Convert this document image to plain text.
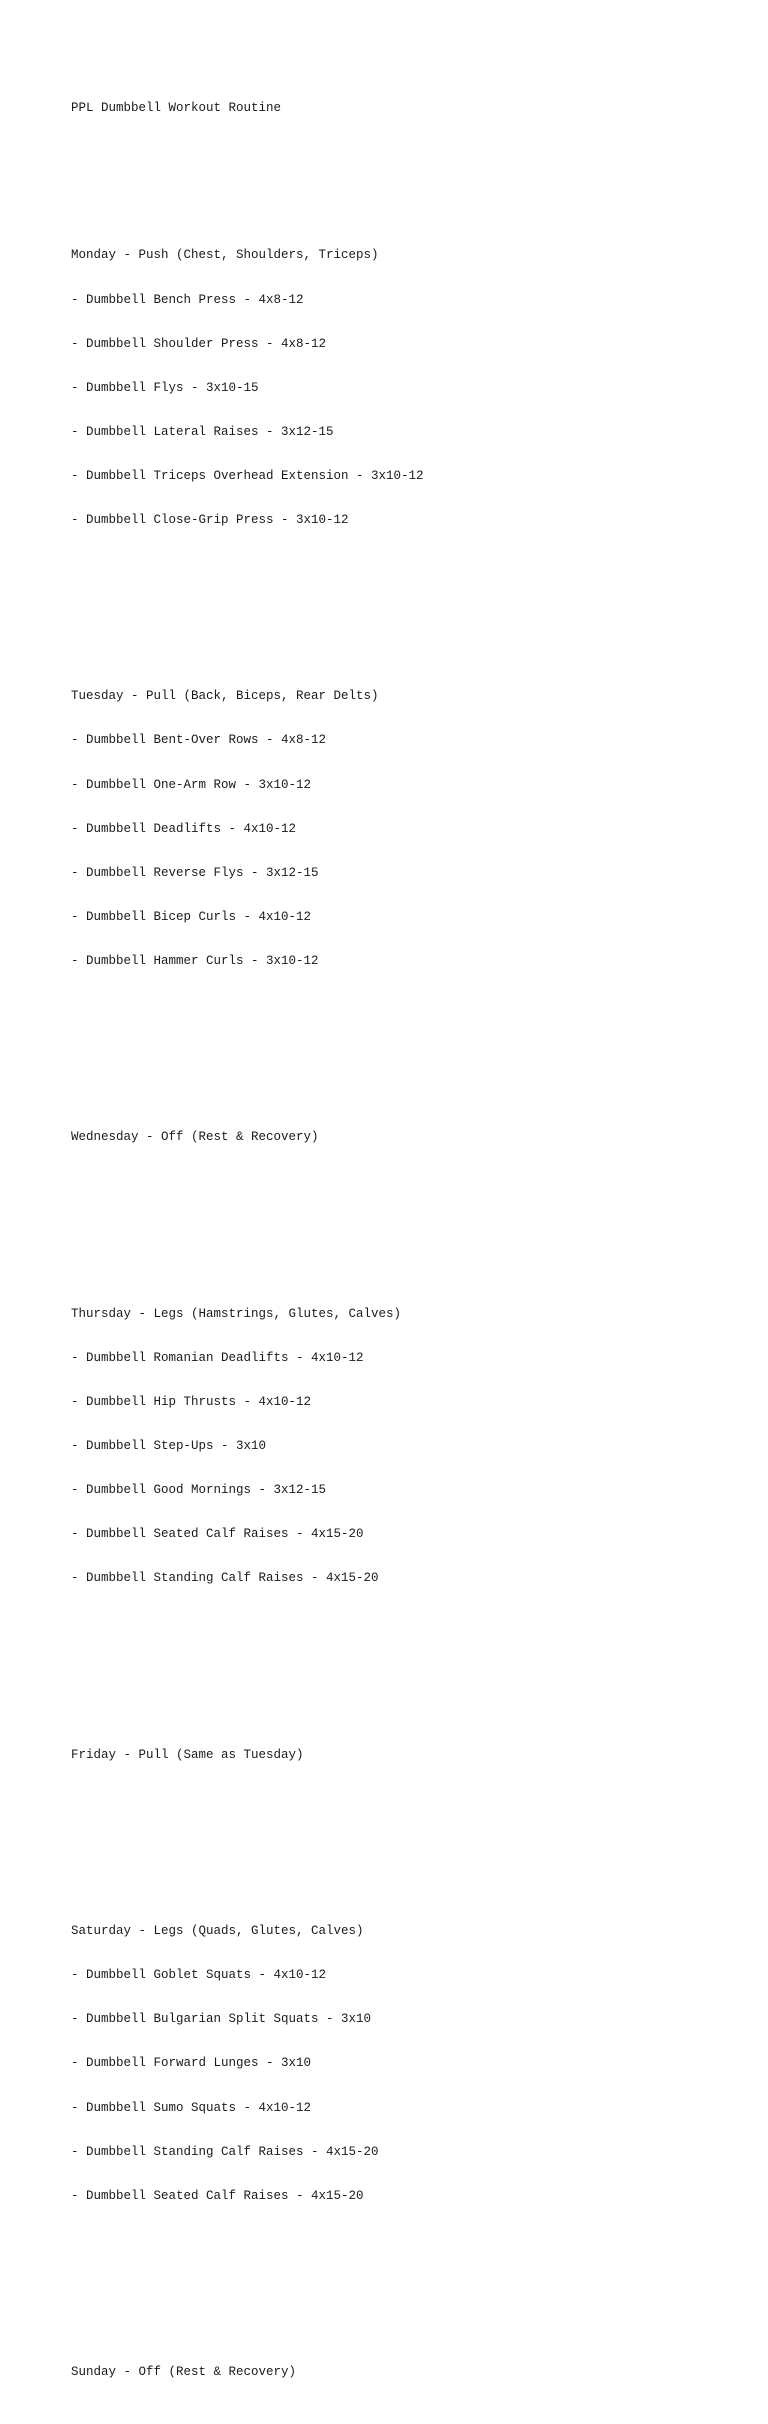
PPL Dumbbell Workout Routine

Monday - Push (Chest, Shoulders, Triceps)

- Dumbbell Bench Press - 4x8-12

- Dumbbell Shoulder Press - 4x8-12

- Dumbbell Flys - 3x10-15

- Dumbbell Lateral Raises - 3x12-15

- Dumbbell Triceps Overhead Extension - 3x10-12

- Dumbbell Close-Grip Press - 3x10-12

Tuesday - Pull (Back, Biceps, Rear Delts)

- Dumbbell Bent-Over Rows - 4x8-12

- Dumbbell One-Arm Row - 3x10-12

- Dumbbell Deadlifts - 4x10-12

- Dumbbell Reverse Flys - 3x12-15

- Dumbbell Bicep Curls - 4x10-12

- Dumbbell Hammer Curls - 3x10-12

Wednesday - Off (Rest & Recovery)

Thursday - Legs (Hamstrings, Glutes, Calves)

- Dumbbell Romanian Deadlifts - 4x10-12

- Dumbbell Hip Thrusts - 4x10-12

- Dumbbell Step-Ups - 3x10

- Dumbbell Good Mornings - 3x12-15

- Dumbbell Seated Calf Raises - 4x15-20

- Dumbbell Standing Calf Raises - 4x15-20

Friday - Pull (Same as Tuesday)

Saturday - Legs (Quads, Glutes, Calves)

- Dumbbell Goblet Squats - 4x10-12

- Dumbbell Bulgarian Split Squats - 3x10

- Dumbbell Forward Lunges - 3x10

- Dumbbell Sumo Squats - 4x10-12

- Dumbbell Standing Calf Raises - 4x15-20

- Dumbbell Seated Calf Raises - 4x15-20

Sunday - Off (Rest & Recovery)
